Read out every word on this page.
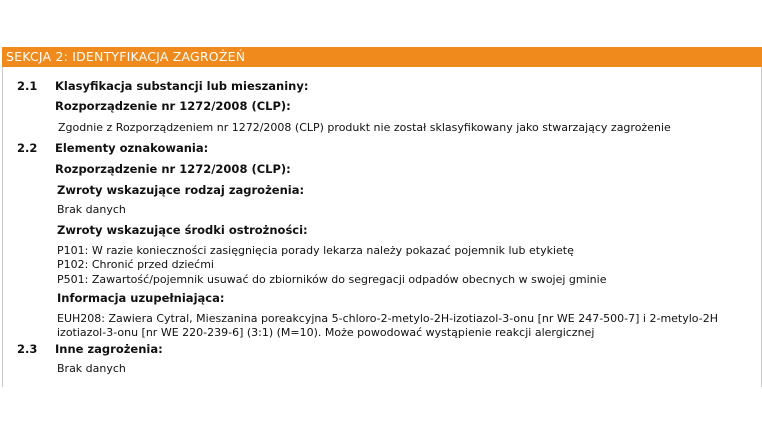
SEKCJA 2: IDENTYFIKACJA ZAGROŻEŃ
2.1 Klasyfikacja substancji lub mieszaniny:
Rozporządzenie nr 1272/2008 (CLP):
Zgodnie z Rozporządzeniem nr 1272/2008 (CLP) produkt nie został sklasyfikowany jako stwarzający zagrożenie
2.2 Elementy oznakowania:
Rozporządzenie nr 1272/2008 (CLP):
Zwroty wskazujące rodzaj zagrożenia:
Brak danych
Zwroty wskazujące środki ostrożności:
P101: W razie konieczności zasięgnięcia porady lekarza należy pokazać pojemnik lub etykietę
P102: Chronić przed dziećmi
P501: Zawartość/pojemnik usuwać do zbiorników do segregacji odpadów obecnych w swojej gminie
Informacja uzupełniająca:
EUH208: Zawiera Cytral, Mieszanina poreakcyjna 5-chloro-2-metylo-2H-izotiazol-3-onu [nr WE 247-500-7] i 2-metylo-2H
izotiazol-3-onu [nr WE 220-239-6] (3:1) (M=10). Może powodować wystąpienie reakcji alergicznej
2.3 Inne zagrożenia:
Brak danych
